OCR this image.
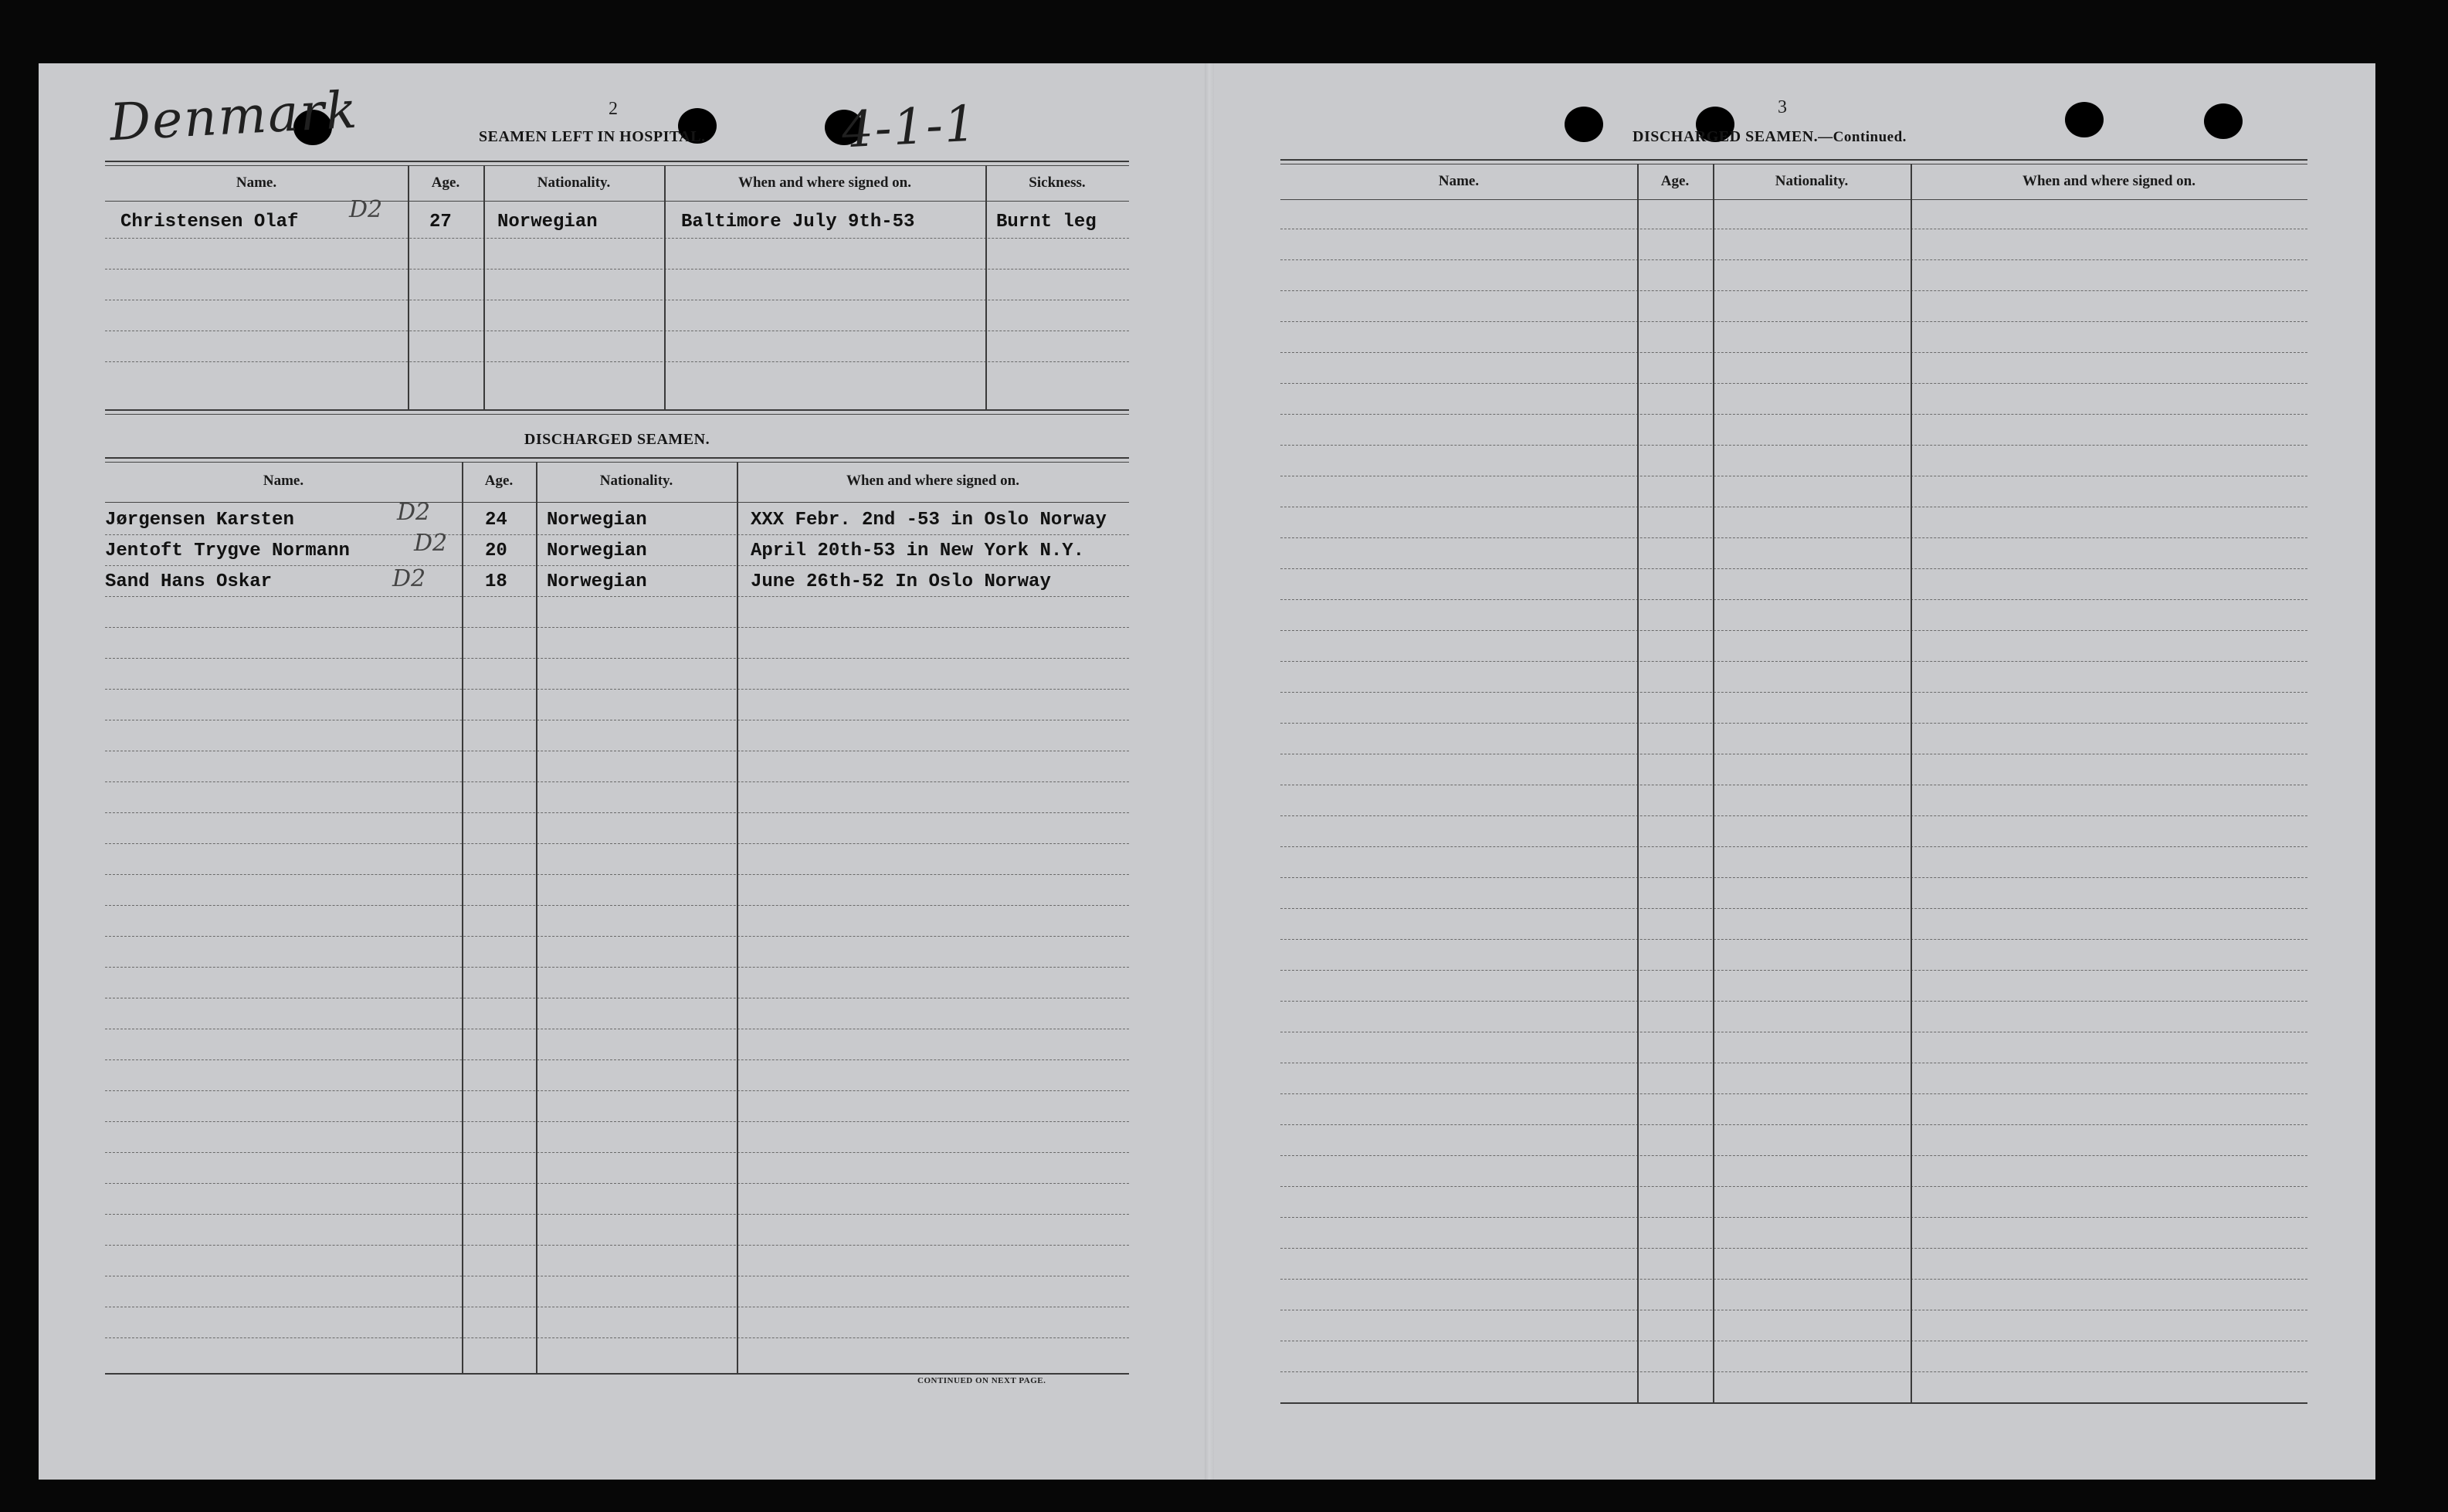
Denmark	4-1-1
2
SEAMEN LEFT IN HOSPITAL.
Name.	Age.	Nationality.	When and where signed on.	Sickness.
Christensen Olaf D2	27 Norwegian	Baltimore July 9th-53	Burnt leg
DISCHARGED SEAMEN.
Name.	Age.	Nationality.	When and where signed on.
Jørgensen Karsten	D2	24 Norwegian	XXX Febr. 2nd -53 in Oslo Norway
Jentoft Trygve Normann	D2 20 Norwegian	April 20th-53 in New York N.Y.
Sand Hans Oskar	D2	18 Norwegian	June 26th-52 In Oslo Norway
CONTINUED ON NEXT PAGE.
3
DISCHARGED SEAMEN.—Continued.
Name.	Age.	Nationality.	When and where signed on.
